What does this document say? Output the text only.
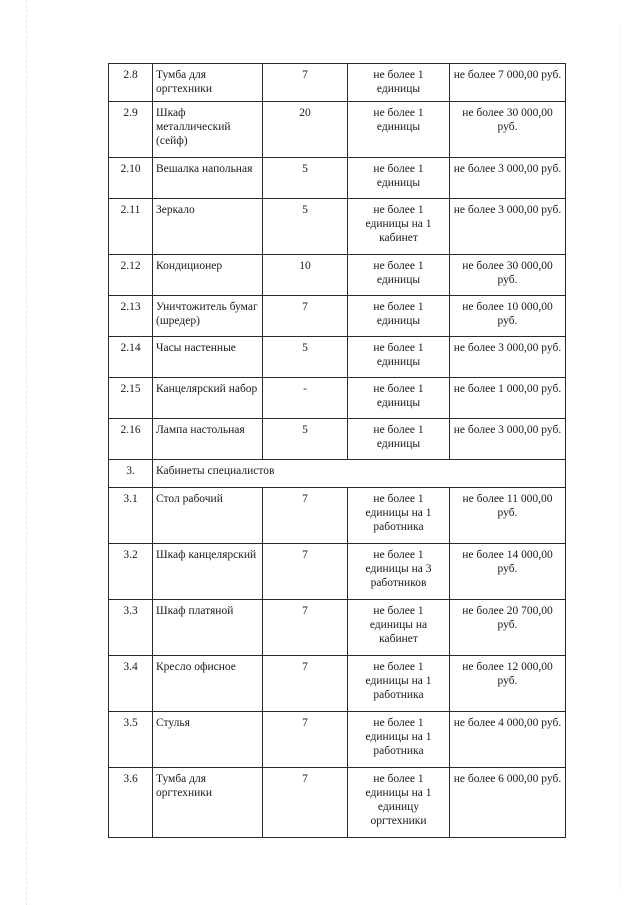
2.8	Тумба для оргтехники	7	не более 1 единицы	не более 7 000,00 руб.
2.9	Шкаф металлический (сейф)	20	не более 1 единицы	не более 30 000,00 руб.
2.10	Вешалка напольная	5	не более 1 единицы	не более 3 000,00 руб.
2.11	Зеркало	5	не более 1 единицы на 1 кабинет	не более 3 000,00 руб.
2.12	Кондиционер	10	не более 1 единицы	не более 30 000,00 руб.
2.13	Уничтожитель бумаг (шредер)	7	не более 1 единицы	не более 10 000,00 руб.
2.14	Часы настенные	5	не более 1 единицы	не более 3 000,00 руб.
2.15	Канцелярский набор	-	не более 1 единицы	не более 1 000,00 руб.
2.16	Лампа настольная	5	не более 1 единицы	не более 3 000,00 руб.
3.	Кабинеты специалистов			
3.1	Стол рабочий	7	не более 1 единицы на 1 работника	не более 11 000,00 руб.
3.2	Шкаф канцелярский	7	не более 1 единицы на 3 работников	не более 14 000,00 руб.
3.3	Шкаф платяной	7	не более 1 единицы на кабинет	не более 20 700,00 руб.
3.4	Кресло офисное	7	не более 1 единицы на 1 работника	не более 12 000,00 руб.
3.5	Стулья	7	не более 1 единицы на 1 работника	не более 4 000,00 руб.
3.6	Тумба для оргтехники	7	не более 1 единицы на 1 единицу оргтехники	не более 6 000,00 руб.
